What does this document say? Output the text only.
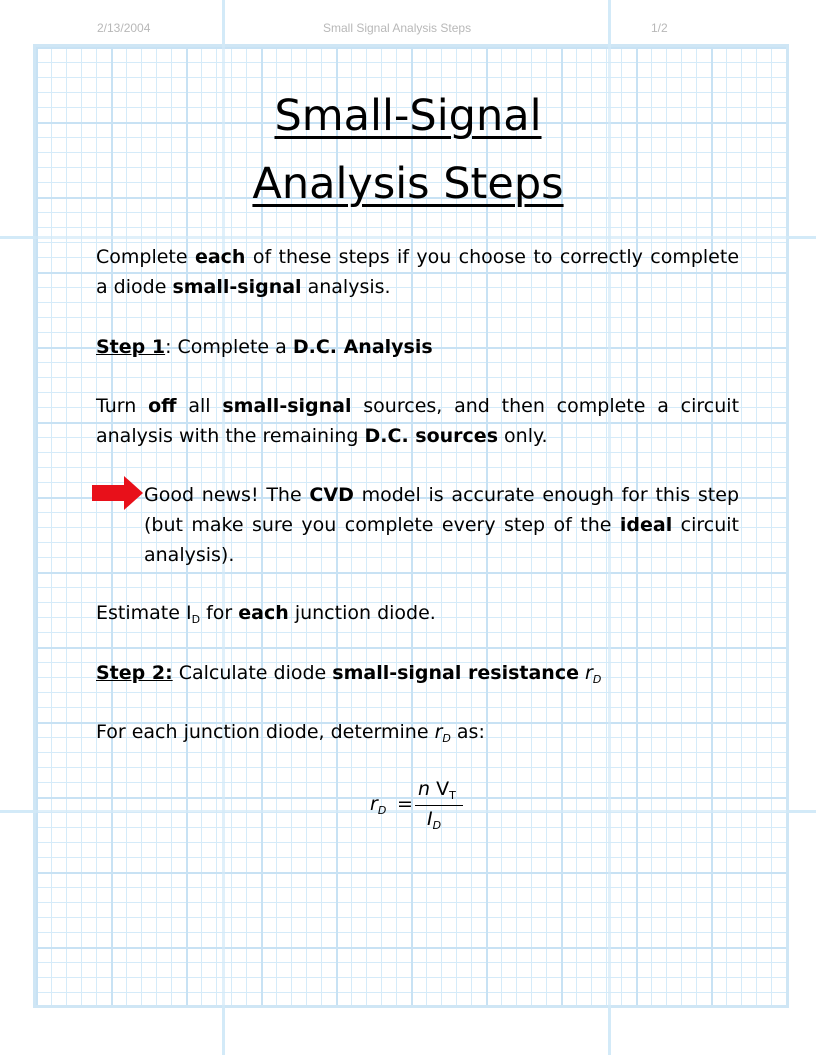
2/13/2004	Small Signal Analysis Steps	1/2
Small-Signal
Analysis Steps
Complete each of these steps if you choose to correctly complete a diode small-signal analysis.
Step 1: Complete a D.C. Analysis
Turn off all small-signal sources, and then complete a circuit analysis with the remaining D.C. sources only.
Good news! The CVD model is accurate enough for this step (but make sure you complete every step of the ideal circuit analysis).
Estimate $I_D$ for each junction diode.
Step 2: Calculate diode small-signal resistance $r_D$
For each junction diode, determine $r_D$ as:
$r_D$ =
n $V_T$
$I_D$
